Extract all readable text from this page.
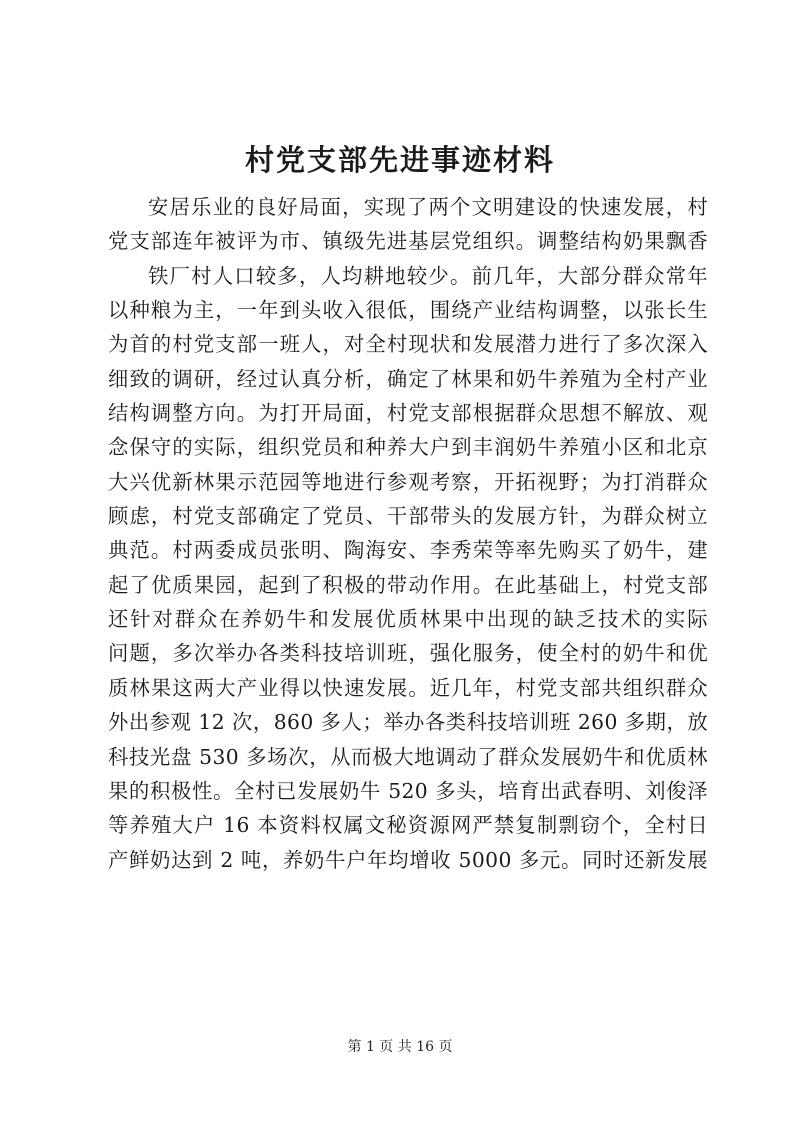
村党支部先进事迹材料
安居乐业的良好局面，实现了两个文明建设的快速发展，村
党支部连年被评为市、镇级先进基层党组织。调整结构奶果飘香
铁厂村人口较多，人均耕地较少。前几年，大部分群众常年
以种粮为主，一年到头收入很低，围绕产业结构调整，以张长生
为首的村党支部一班人，对全村现状和发展潜力进行了多次深入
细致的调研，经过认真分析，确定了林果和奶牛养殖为全村产业
结构调整方向。为打开局面，村党支部根据群众思想不解放、观
念保守的实际，组织党员和种养大户到丰润奶牛养殖小区和北京
大兴优新林果示范园等地进行参观考察，开拓视野；为打消群众
顾虑，村党支部确定了党员、干部带头的发展方针，为群众树立
典范。村两委成员张明、陶海安、李秀荣等率先购买了奶牛，建
起了优质果园，起到了积极的带动作用。在此基础上，村党支部
还针对群众在养奶牛和发展优质林果中出现的缺乏技术的实际
问题，多次举办各类科技培训班，强化服务，使全村的奶牛和优
质林果这两大产业得以快速发展。近几年，村党支部共组织群众
外出参观 12 次，860 多人；举办各类科技培训班 260 多期，放
科技光盘 530 多场次，从而极大地调动了群众发展奶牛和优质林
果的积极性。全村已发展奶牛 520 多头，培育出武春明、刘俊泽
等养殖大户 16 本资料权属文秘资源网严禁复制剽窃个，全村日
产鲜奶达到 2 吨，养奶牛户年均增收 5000 多元。同时还新发展
第 1 页 共 16 页
